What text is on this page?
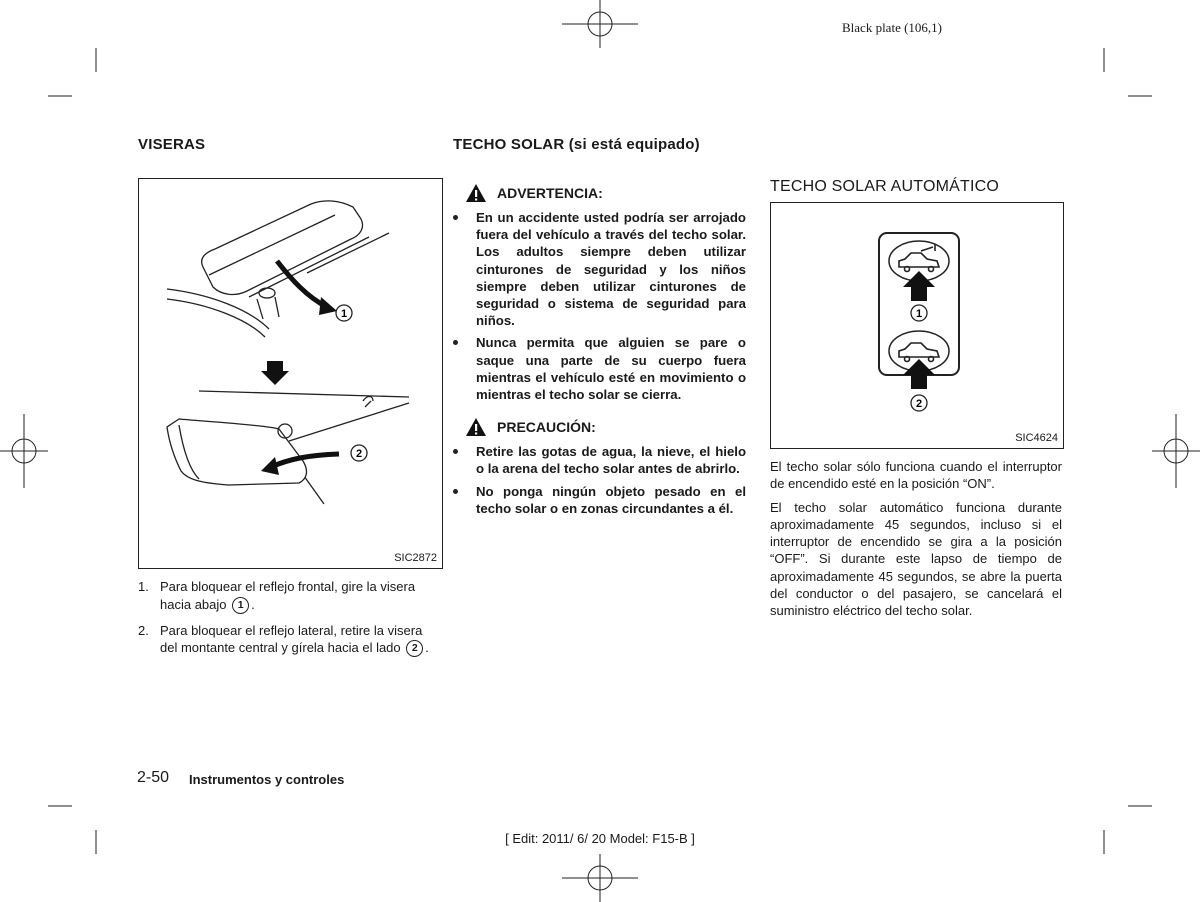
Black plate (106,1)
VISERAS
1
2
SIC2872
1. Para bloquear el reflejo frontal, gire la visera hacia abajo 1 .
2. Para bloquear el reflejo lateral, retire la visera del montante central y gírela hacia el lado 2 .
TECHO SOLAR (si está equipado)
ADVERTENCIA:
En un accidente usted podría ser arrojado fuera del vehículo a través del techo solar. Los adultos siempre deben utilizar cinturones de seguridad y los niños siempre deben utilizar cinturones de seguridad o sistema de seguridad para niños.
Nunca permita que alguien se pare o saque una parte de su cuerpo fuera mientras el vehículo esté en movimiento o mientras el techo solar se cierra.
PRECAUCIÓN:
Retire las gotas de agua, la nieve, el hielo o la arena del techo solar antes de abrirlo.
No ponga ningún objeto pesado en el techo solar o en zonas circundantes a él.
TECHO SOLAR AUTOMÁTICO
1
2
SIC4624

El techo solar sólo funciona cuando el interruptor de encendido esté en la posición “ON”.

El techo solar automático funciona durante aproximadamente 45 segundos, incluso si el interruptor de encendido se gira a la posición “OFF”. Si durante este lapso de tiempo de aproximadamente 45 segundos, se abre la puerta del conductor o del pasajero, se cancelará el suministro eléctrico del techo solar.

2-50 Instrumentos y controles
[ Edit: 2011/ 6/ 20 Model: F15-B ]
